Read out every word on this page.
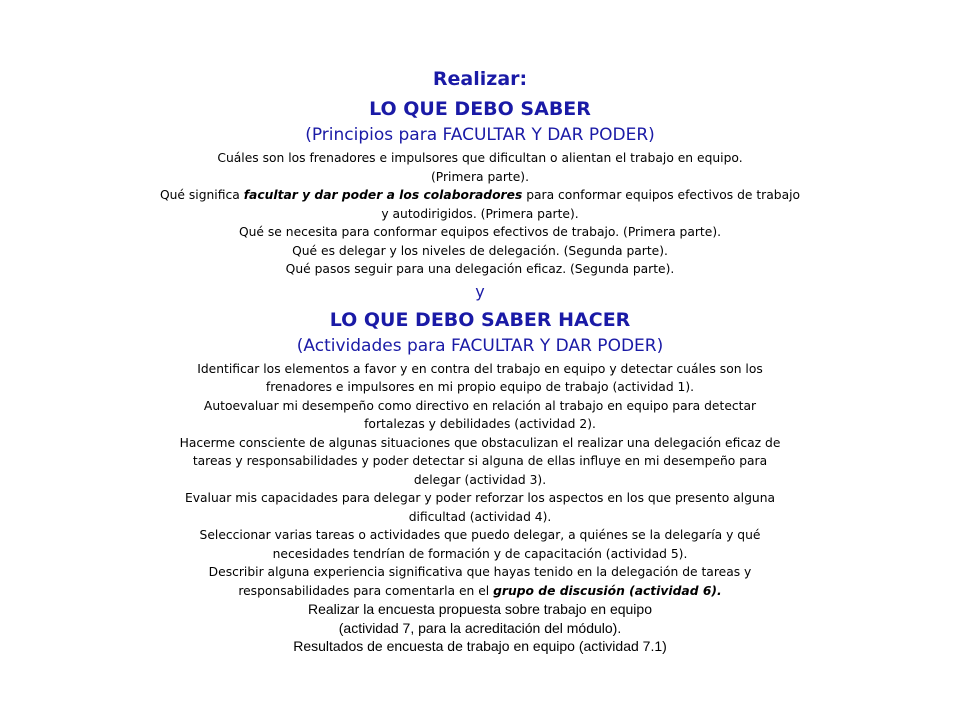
Realizar:
LO QUE DEBO SABER
(Principios para FACULTAR Y DAR PODER)
Cuáles son los frenadores e impulsores que dificultan o alientan el trabajo en equipo.
(Primera parte).
Qué significa facultar y dar poder a los colaboradores para conformar equipos efectivos de trabajo
y autodirigidos. (Primera parte).
Qué se necesita para conformar equipos efectivos de trabajo. (Primera parte).
Qué es delegar y los niveles de delegación. (Segunda parte).
Qué pasos seguir para una delegación eficaz. (Segunda parte).
y
LO QUE DEBO SABER HACER
(Actividades para FACULTAR Y DAR PODER)
Identificar los elementos a favor y en contra del trabajo en equipo y detectar cuáles son los
frenadores e impulsores en mi propio equipo de trabajo (actividad 1).
Autoevaluar mi desempeño como directivo en relación al trabajo en equipo para detectar
fortalezas y debilidades (actividad 2).
Hacerme consciente de algunas situaciones que obstaculizan el realizar una delegación eficaz de
tareas y responsabilidades y poder detectar si alguna de ellas influye en mi desempeño para
delegar (actividad 3).
Evaluar mis capacidades para delegar y poder reforzar los aspectos en los que presento alguna
dificultad (actividad 4).
Seleccionar varias tareas o actividades que puedo delegar, a quiénes se la delegaría y qué
necesidades tendrían de formación y de capacitación (actividad 5).
Describir alguna experiencia significativa que hayas tenido en la delegación de tareas y
responsabilidades para comentarla en el grupo de discusión (actividad 6).
Realizar la encuesta propuesta sobre trabajo en equipo
(actividad 7, para la acreditación del módulo).
Resultados de encuesta de trabajo en equipo (actividad 7.1)
